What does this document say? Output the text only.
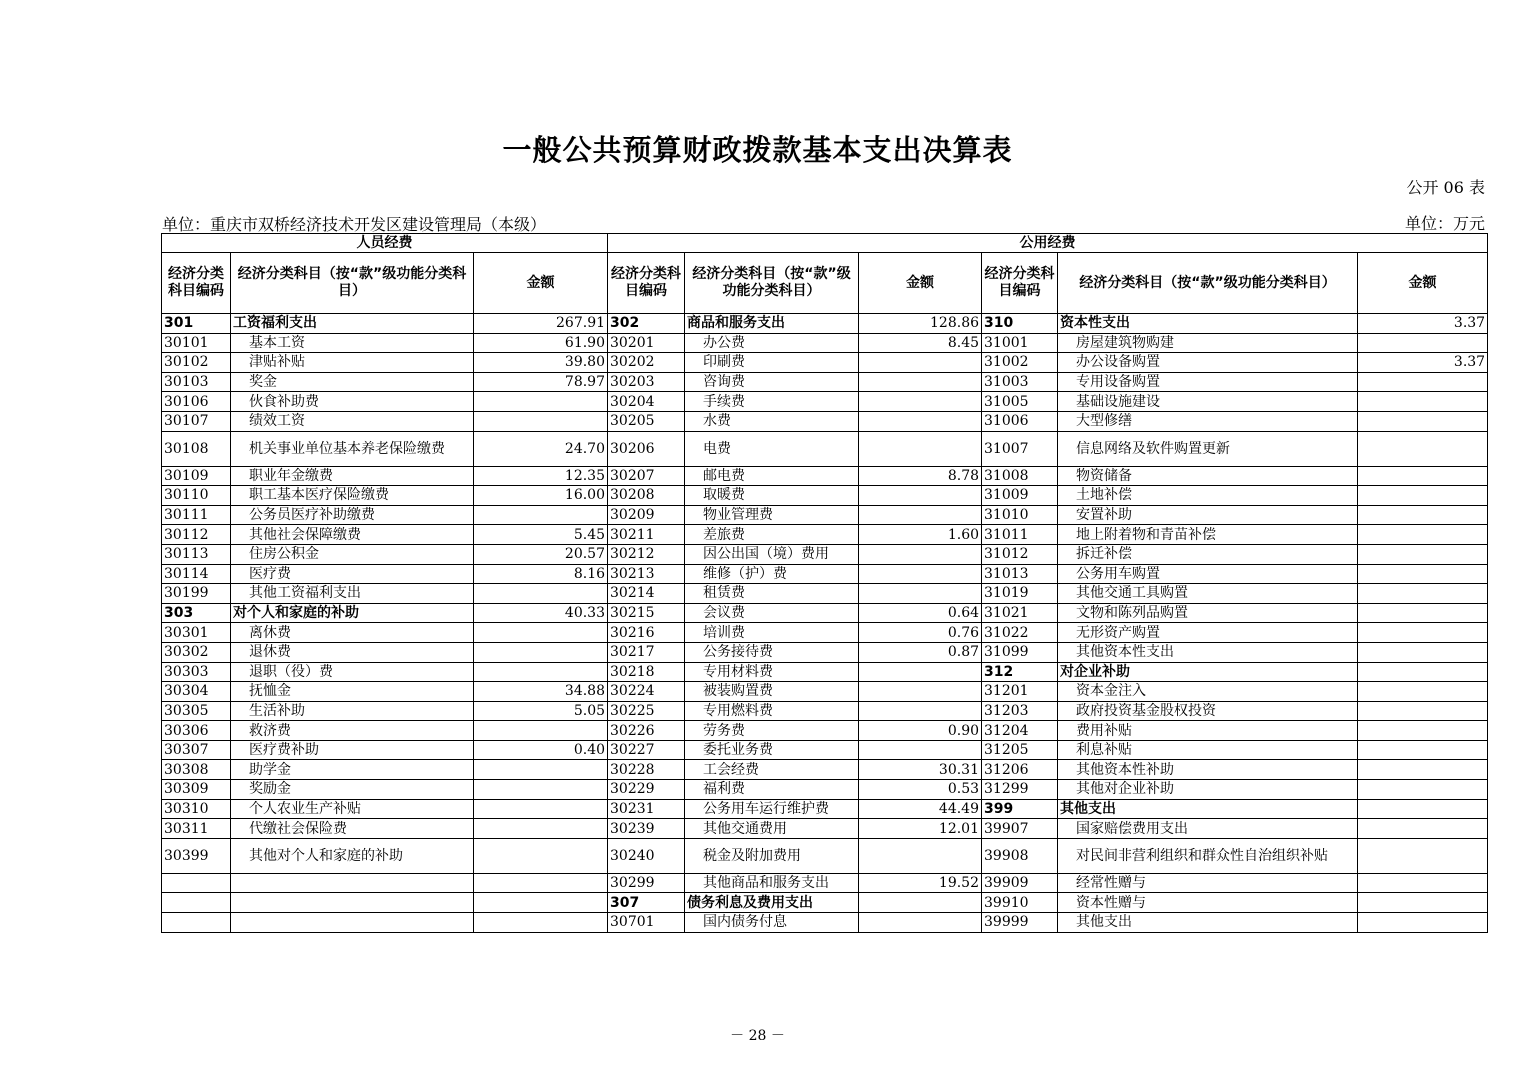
一般公共预算财政拨款基本支出决算表
公开 06 表
单位：重庆市双桥经济技术开发区建设管理局（本级）	单位：万元
人员经费			公用经费					
经济分类科目编码	经济分类科目（按“款”级功能分类科目）	金额	经济分类科目编码	经济分类科目（按“款”级功能分类科目）	金额	经济分类科目编码	经济分类科目（按“款”级功能分类科目）	金额
301	工资福利支出	267.91	302	商品和服务支出	128.86	310	资本性支出	3.37
30101	基本工资	61.90	30201	办公费	8.45	31001	房屋建筑物购建	
30102	津贴补贴	39.80	30202	印刷费		31002	办公设备购置	3.37
30103	奖金	78.97	30203	咨询费		31003	专用设备购置	
30106	伙食补助费		30204	手续费		31005	基础设施建设	
30107	绩效工资		30205	水费		31006	大型修缮	
30108	机关事业单位基本养老保险缴费	24.70	30206	电费		31007	信息网络及软件购置更新	
30109	职业年金缴费	12.35	30207	邮电费	8.78	31008	物资储备	
30110	职工基本医疗保险缴费	16.00	30208	取暖费		31009	土地补偿	
30111	公务员医疗补助缴费		30209	物业管理费		31010	安置补助	
30112	其他社会保障缴费	5.45	30211	差旅费	1.60	31011	地上附着物和青苗补偿	
30113	住房公积金	20.57	30212	因公出国（境）费用		31012	拆迁补偿	
30114	医疗费	8.16	30213	维修（护）费		31013	公务用车购置	
30199	其他工资福利支出		30214	租赁费		31019	其他交通工具购置	
303	对个人和家庭的补助	40.33	30215	会议费	0.64	31021	文物和陈列品购置	
30301	离休费		30216	培训费	0.76	31022	无形资产购置	
30302	退休费		30217	公务接待费	0.87	31099	其他资本性支出	
30303	退职（役）费		30218	专用材料费		312	对企业补助	
30304	抚恤金	34.88	30224	被装购置费		31201	资本金注入	
30305	生活补助	5.05	30225	专用燃料费		31203	政府投资基金股权投资	
30306	救济费		30226	劳务费	0.90	31204	费用补贴	
30307	医疗费补助	0.40	30227	委托业务费		31205	利息补贴	
30308	助学金		30228	工会经费	30.31	31206	其他资本性补助	
30309	奖励金		30229	福利费	0.53	31299	其他对企业补助	
30310	个人农业生产补贴		30231	公务用车运行维护费	44.49	399	其他支出	
30311	代缴社会保险费		30239	其他交通费用	12.01	39907	国家赔偿费用支出	
30399	其他对个人和家庭的补助		30240	税金及附加费用		39908	对民间非营利组织和群众性自治组织补贴	
			30299	其他商品和服务支出	19.52	39909	经常性赠与	
			307	债务利息及费用支出		39910	资本性赠与	
			30701	国内债务付息		39999	其他支出	
－ 28 －
